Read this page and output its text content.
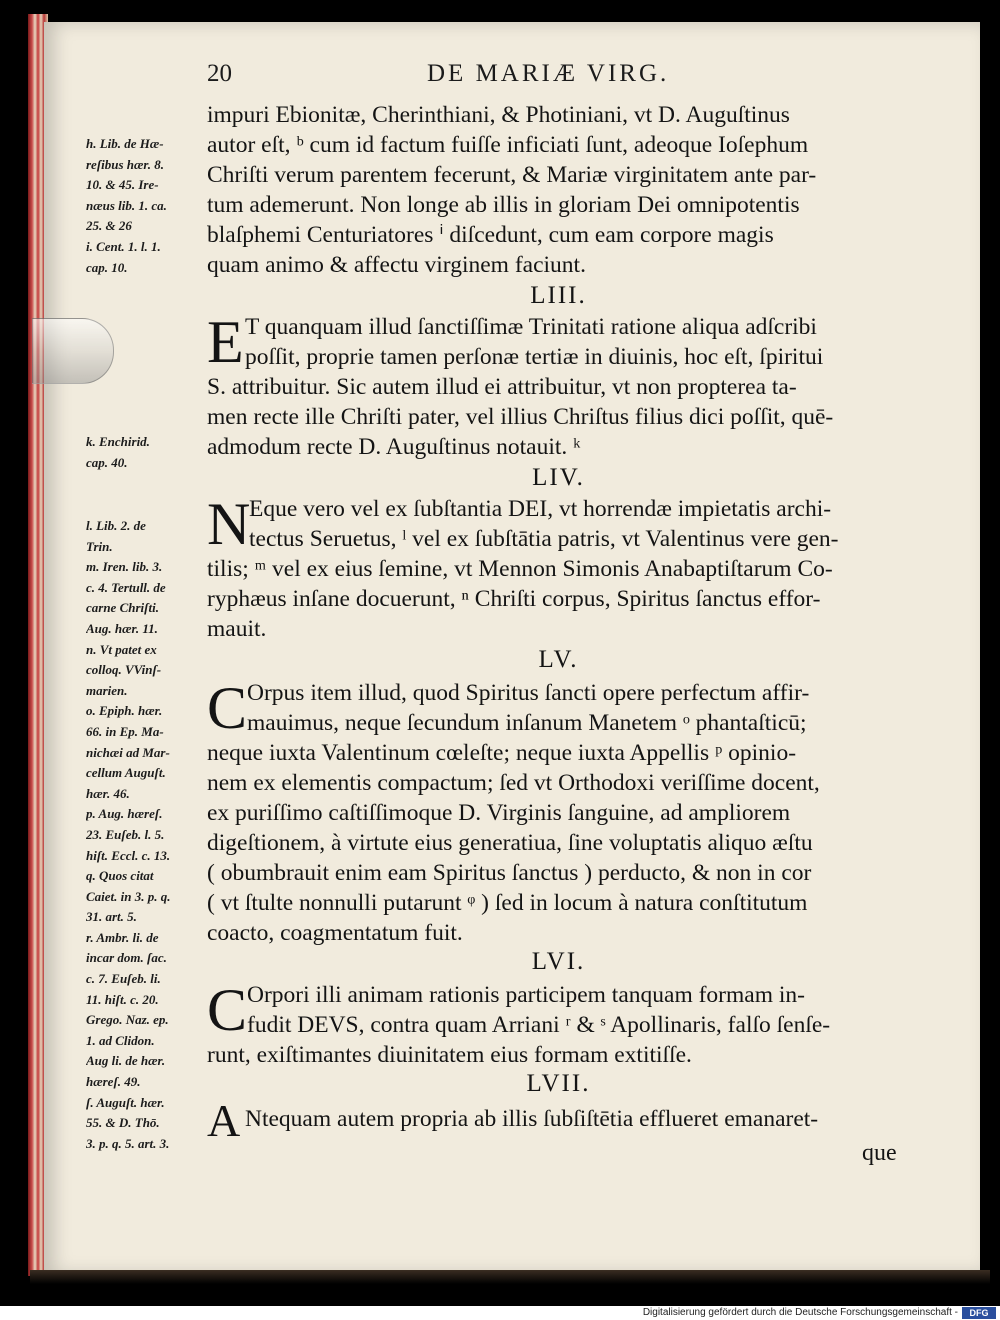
20	DE MARIÆ VIRG.
impuri Ebionitæ, Cherinthiani, & Photiniani, vt D. Auguſtinus
autor eſt, ᵇ cum id factum fuiſſe inficiati ſunt, adeoque Ioſephum
Chriſti verum parentem fecerunt, & Mariæ virginitatem ante par-
tum ademerunt. Non longe ab illis in gloriam Dei omnipotentis
blaſphemi Centuriatores ⁱ diſcedunt, cum eam corpore magis
quam animo & affectu virginem faciunt.
LIII.
E T quanquam illud ſanctiſſimæ Trinitati ratione aliqua adſcribi
poſſit, proprie tamen perſonæ tertiæ in diuinis, hoc eſt, ſpiritui
S. attribuitur. Sic autem illud ei attribuitur, vt non propterea ta-
men recte ille Chriſti pater, vel illius Chriſtus filius dici poſſit, quē-
admodum recte D. Auguſtinus notauit. ᵏ
LIV.
N
Eque vero vel ex ſubſtantia DEI, vt horrendæ impietatis archi-
tectus Seruetus, ˡ vel ex ſubſtātia patris, vt Valentinus vere gen-
tilis; ᵐ vel ex eius ſemine, vt Mennon Simonis Anabaptiſtarum Co-
ryphæus inſane docuerunt, ⁿ Chriſti corpus, Spiritus ſanctus effor-
mauit.
LV.
C Orpus item illud, quod Spiritus ſancti opere perfectum affir-
mauimus, neque ſecundum inſanum Manetem ᵒ phantaſticū;
neque iuxta Valentinum cœleſte; neque iuxta Appellis ᵖ opinio-
nem ex elementis compactum; ſed vt Orthodoxi veriſſime docent,
ex puriſſimo caſtiſſimoque D. Virginis ſanguine, ad ampliorem
digeſtionem, à virtute eius generatiua, ſine voluptatis aliquo æſtu
( obumbrauit enim eam Spiritus ſanctus ) perducto, & non in cor
( vt ſtulte nonnulli putarunt ᵠ ) ſed in locum à natura conſtitutum
coacto, coagmentatum fuit.
LVI.
C Orpori illi animam rationis participem tanquam formam in-
fudit DEVS, contra quam Arriani ʳ & ˢ Apollinaris, falſo ſenſe-
runt, exiſtimantes diuinitatem eius formam extitiſſe.
LVII.
A Ntequam autem propria ab illis ſubſiſtētia efflueret emanaret-
que
h. Lib. de Hæ-
reſibus hær. 8.
10. & 45. Ire-
næus lib. 1. ca.
25. & 26
i. Cent. 1. l. 1.
cap. 10.
k. Enchirid.
cap. 40.
l. Lib. 2. de
Trin.
m. Iren. lib. 3.
c. 4. Tertull. de
carne Chriſti.
Aug. hær. 11.
n. Vt patet ex
colloq. VVinſ-
marien.
o. Epiph. hær.
66. in Ep. Ma-
nichæi ad Mar-
cellum Auguſt.
hær. 46.
p. Aug. hæreſ.
23. Euſeb. l. 5.
hiſt. Eccl. c. 13.
q. Quos citat
Caiet. in 3. p. q.
31. art. 5.
r. Ambr. li. de
incar dom. ſac.
c. 7. Euſeb. li.
11. hiſt. c. 20.
Grego. Naz. ep.
1. ad Clidon.
Aug li. de hær.
hæreſ. 49.
ſ. Auguſt. hær.
55. & D. Thō.
3. p. q. 5. art. 3.
Digitalisierung gefördert durch die Deutsche Forschungsgemeinschaft -	DFG
